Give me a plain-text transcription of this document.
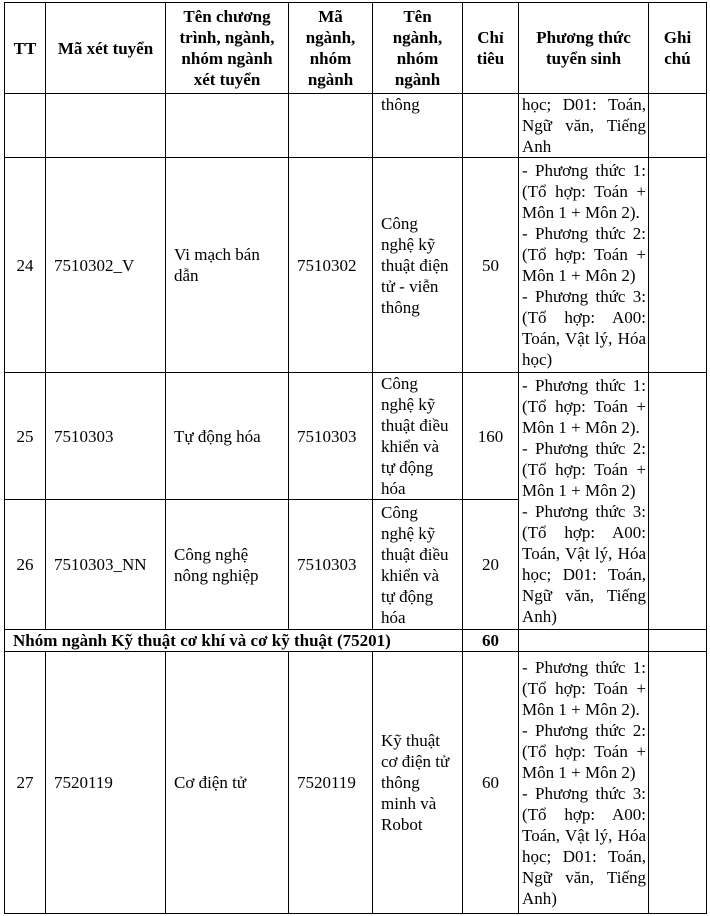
TT	Mã xét tuyển	Tên chương trình, ngành, nhóm ngành xét tuyển	Mã ngành, nhóm ngành	Tên ngành, nhóm ngành	Chỉ tiêu	Phương thức tuyển sinh	Ghi chú

				thông		học; D01: Toán, Ngữ văn, Tiếng Anh	

24	7510302_V	Vi mạch bán dẫn	7510302	Công nghệ kỹ thuật điện tử - viễn thông	50	- Phương thức 1: (Tổ hợp: Toán + Môn 1 + Môn 2).

- Phương thức 2: (Tổ hợp: Toán + Môn 1 + Môn 2)

- Phương thức 3: (Tổ hợp: A00: Toán, Vật lý, Hóa học)	

25	7510303	Tự động hóa	7510303	Công nghệ kỹ thuật điều khiển và tự động hóa	160	- Phương thức 1: (Tổ hợp: Toán + Môn 1 + Môn 2).

- Phương thức 2: (Tổ hợp: Toán + Môn 1 + Môn 2)

- Phương thức 3: (Tổ hợp: A00: Toán, Vật lý, Hóa học; D01: Toán, Ngữ văn, Tiếng Anh)	

26	7510303_NN	Công nghệ nông nghiệp	7510303	Công nghệ kỹ thuật điều khiển và tự động hóa	20		
Nhóm ngành Kỹ thuật cơ khí và cơ kỹ thuật (75201)					60		
27	7520119	Cơ điện tử	7520119	Kỹ thuật cơ điện tử thông minh và Robot	60	- Phương thức 1: (Tổ hợp: Toán + Môn 1 + Môn 2).

- Phương thức 2: (Tổ hợp: Toán + Môn 1 + Môn 2)

- Phương thức 3: (Tổ hợp: A00: Toán, Vật lý, Hóa học; D01: Toán, Ngữ văn, Tiếng Anh)	
